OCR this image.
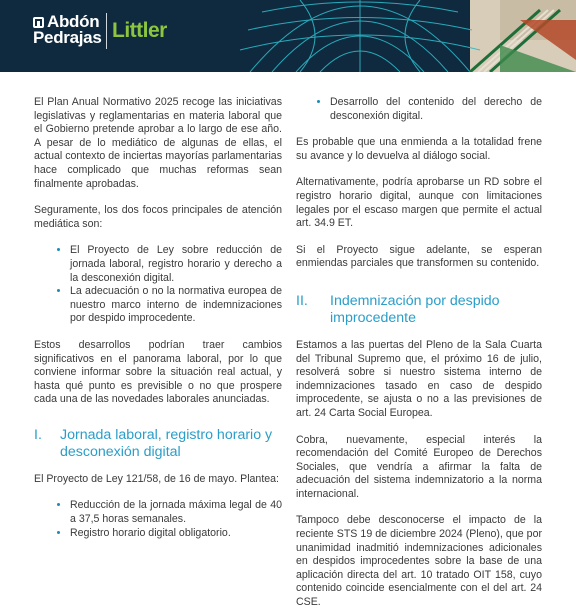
Abdón
Pedrajas Littler

El Plan Anual Normativo 2025 recoge las iniciativas legislativas y reglamentarias en materia laboral que el Gobierno pretende aprobar a lo largo de ese año. A pesar de lo mediático de algunas de ellas, el actual contexto de inciertas mayorías parlamentarias hace complicado que muchas reformas sean finalmente aprobadas.

Seguramente, los dos focos principales de atención mediática son:

• El Proyecto de Ley sobre reducción de jornada laboral, registro horario y derecho a la desconexión digital.
• La adecuación o no la normativa europea de nuestro marco interno de indemnizaciones por despido improcedente.

Estos desarrollos podrían traer cambios significativos en el panorama laboral, por lo que conviene informar sobre la situación real actual, y hasta qué punto es previsible o no que prospere cada una de las novedades laborales anunciadas.

I.	Jornada laboral, registro horario y desconexión digital

El Proyecto de Ley 121/58, de 16 de mayo. Plantea:

• Reducción de la jornada máxima legal de 40 a 37,5 horas semanales.
• Registro horario digital obligatorio.
• Desarrollo del contenido del derecho de desconexión digital.

Es probable que una enmienda a la totalidad frene su avance y lo devuelva al diálogo social.

Alternativamente, podría aprobarse un RD sobre el registro horario digital, aunque con limitaciones legales por el escaso margen que permite el actual art. 34.9 ET.

Si el Proyecto sigue adelante, se esperan enmiendas parciales que transformen su contenido.

II.	Indemnización por despido improcedente

Estamos a las puertas del Pleno de la Sala Cuarta del Tribunal Supremo que, el próximo 16 de julio, resolverá sobre si nuestro sistema interno de indemnizaciones tasado en caso de despido improcedente, se ajusta o no a las previsiones de art. 24 Carta Social Europea.

Cobra, nuevamente, especial interés la recomendación del Comité Europeo de Derechos Sociales, que vendría a afirmar la falta de adecuación del sistema indemnizatorio a la norma internacional.

Tampoco debe desconocerse el impacto de la reciente STS 19 de diciembre 2024 (Pleno), que por unanimidad inadmitió indemnizaciones adicionales en despidos improcedentes sobre la base de una aplicación directa del art. 10 tratado OIT 158, cuyo contenido coincide esencialmente con el del art. 24 CSE.
